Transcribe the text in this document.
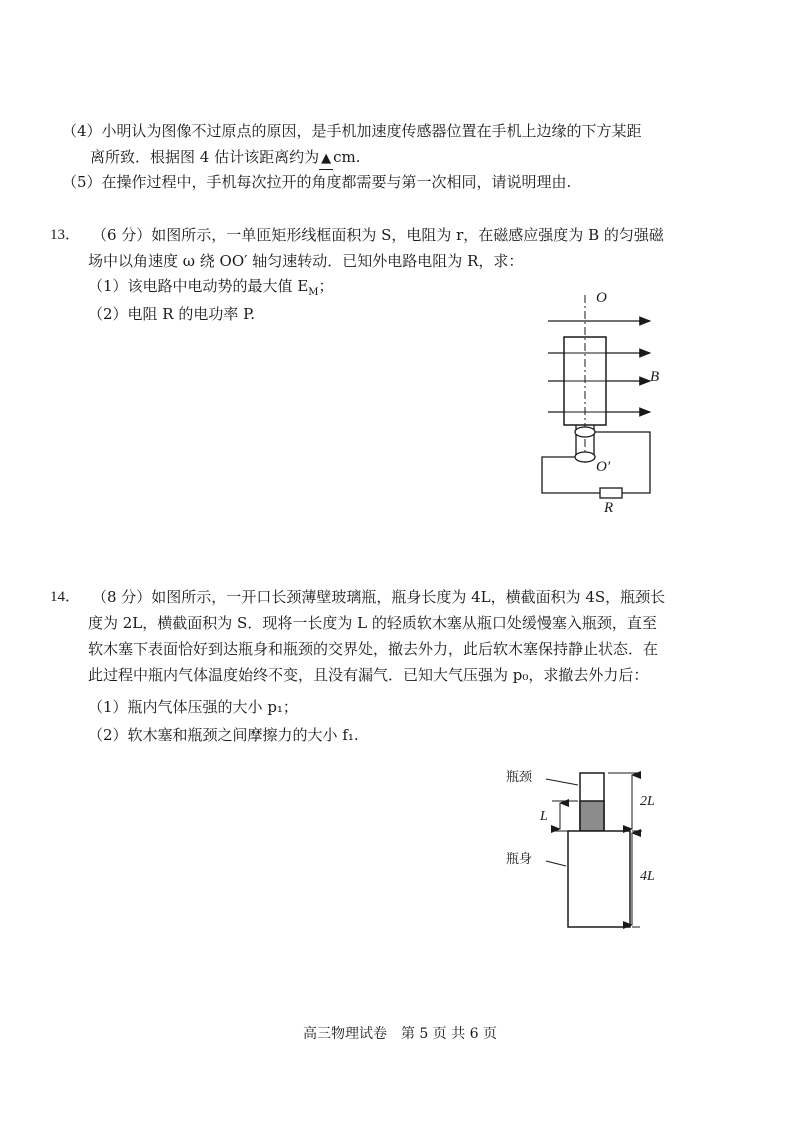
（4）小明认为图像不过原点的原因，是手机加速度传感器位置在手机上边缘的下方某距
离所致．根据图 4 估计该距离约为 ▲ cm.
（5）在操作过程中，手机每次拉开的角度都需要与第一次相同，请说明理由.
13． （6 分）如图所示，一单匝矩形线框面积为 S，电阻为 r，在磁感应强度为 B 的匀强磁
场中以角速度 ω 绕 OO′ 轴匀速转动．已知外电路电阻为 R，求：
（1）该电路中电动势的最大值 $E_M$；
（2）电阻 R 的电功率 P.
O
O′
B
R
14． （8 分）如图所示，一开口长颈薄壁玻璃瓶，瓶身长度为 4L，横截面积为 4S，瓶颈长
度为 2L，横截面积为 S．现将一长度为 L 的轻质软木塞从瓶口处缓慢塞入瓶颈，直至
软木塞下表面恰好到达瓶身和瓶颈的交界处，撤去外力，此后软木塞保持静止状态．在
此过程中瓶内气体温度始终不变，且没有漏气．已知大气压强为 p₀，求撤去外力后：
（1）瓶内气体压强的大小 p₁；
（2）软木塞和瓶颈之间摩擦力的大小 f₁.
瓶颈
瓶身
L
2L
4L
高三物理试卷　第 5 页 共 6 页
